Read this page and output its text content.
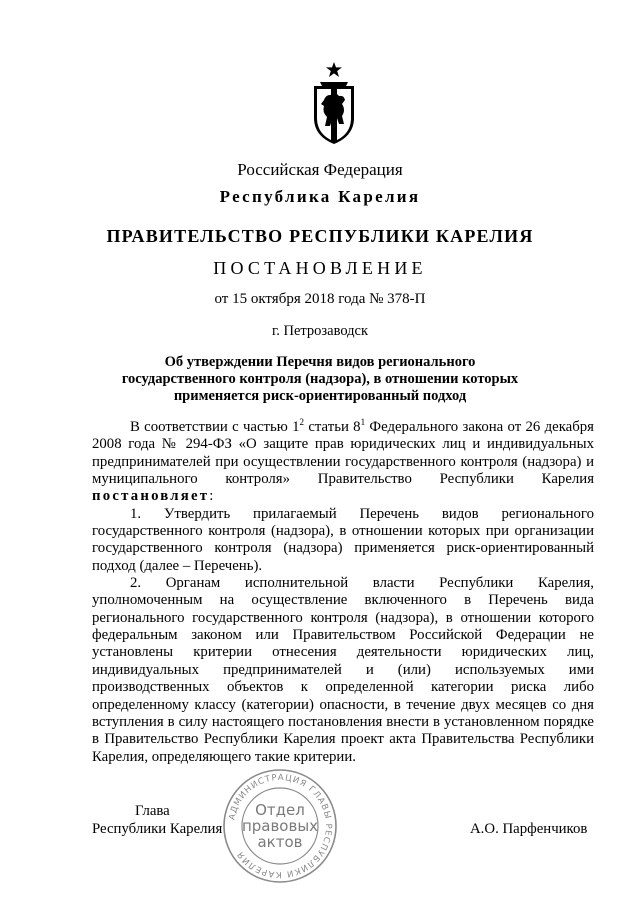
Российская Федерация
Республика Карелия
ПРАВИТЕЛЬСТВО РЕСПУБЛИКИ КАРЕЛИЯ
ПОСТАНОВЛЕНИЕ
от 15 октября 2018 года № 378-П
г. Петрозаводск
Об утверждении Перечня видов регионального
государственного контроля (надзора), в отношении которых
применяется риск-ориентированный подход

В соответствии с частью $1^2$ статьи $8^1$ Федерального закона от 26 декабря 2008 года № 294-ФЗ «О защите прав юридических лиц и индивидуальных предпринимателей при осуществлении государственного контроля (надзора) и муниципального контроля» Правительство Республики Карелия постановляет:

1. Утвердить прилагаемый Перечень видов регионального государственного контроля (надзора), в отношении которых при организации государственного контроля (надзора) применяется риск-ориентированный подход (далее – Перечень).

2. Органам исполнительной власти Республики Карелия, уполномоченным на осуществление включенного в Перечень вида регионального государственного контроля (надзора), в отношении которого федеральным законом или Правительством Российской Федерации не установлены критерии отнесения деятельности юридических лиц, индивидуальных предпринимателей и (или) используемых ими производственных объектов к определенной категории риска либо определенному классу (категории) опасности, в течение двух месяцев со дня вступления в силу настоящего постановления внести в установленном порядке в Правительство Республики Карелия проект акта Правительства Республики Карелия, определяющего такие критерии.

Глава
Республики Карелия	А.О. Парфенчиков
АДМИНИСТРАЦИЯ ГЛАВЫ РЕСПУБЛИКИ КАРЕЛИЯ
Отдел
правовых
актов
